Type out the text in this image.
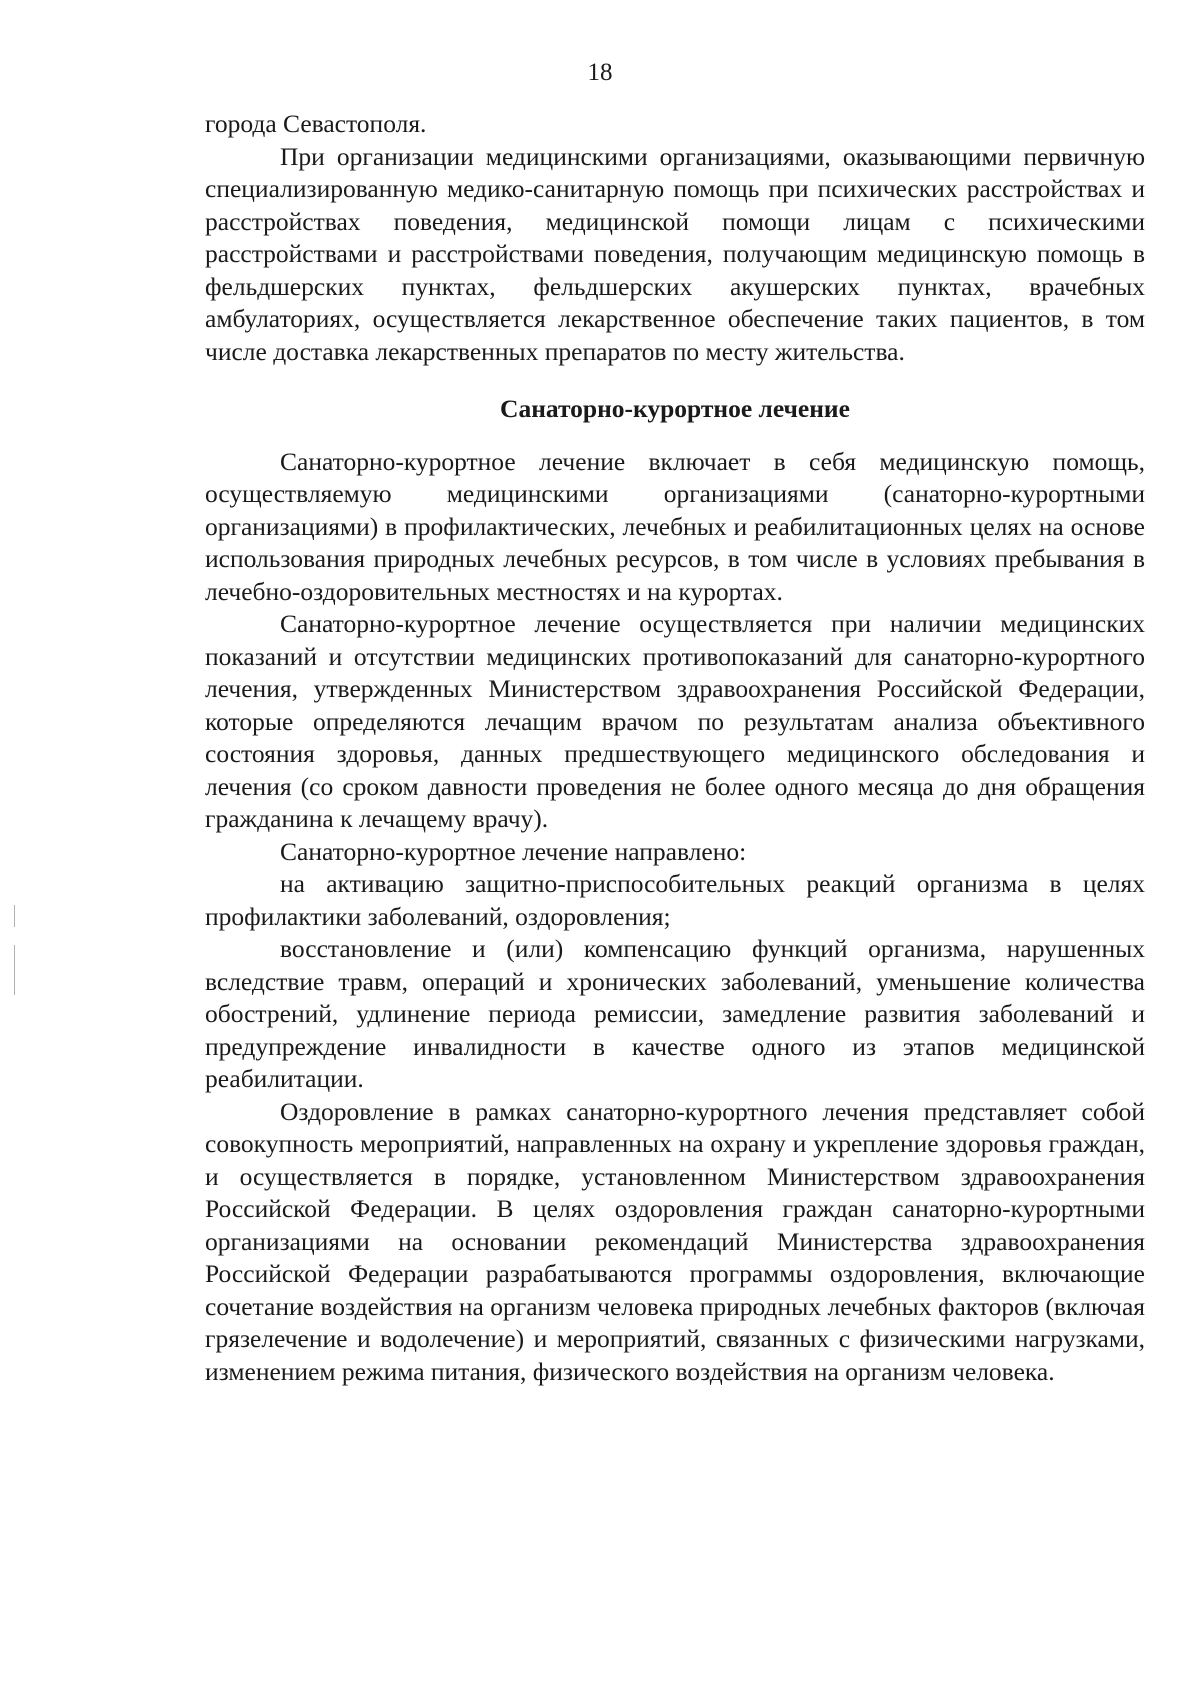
18

города Севастополя.

При организации медицинскими организациями, оказывающими первичную специализированную медико-санитарную помощь при психических расстройствах и расстройствах поведения, медицинской помощи лицам с психическими расстройствами и расстройствами поведения, получающим медицинскую помощь в фельдшерских пунктах, фельдшерских акушерских пунктах, врачебных амбулаториях, осуществляется лекарственное обеспечение таких пациентов, в том числе доставка лекарственных препаратов по месту жительства.

Санаторно-курортное лечение

Санаторно-курортное лечение включает в себя медицинскую помощь, осуществляемую медицинскими организациями (санаторно-курортными организациями) в профилактических, лечебных и реабилитационных целях на основе использования природных лечебных ресурсов, в том числе в условиях пребывания в лечебно-оздоровительных местностях и на курортах.

Санаторно-курортное лечение осуществляется при наличии медицинских показаний и отсутствии медицинских противопоказаний для санаторно-курортного лечения, утвержденных Министерством здравоохранения Российской Федерации, которые определяются лечащим врачом по результатам анализа объективного состояния здоровья, данных предшествующего медицинского обследования и лечения (со сроком давности проведения не более одного месяца до дня обращения гражданина к лечащему врачу).

Санаторно-курортное лечение направлено:

на активацию защитно-приспособительных реакций организма в целях профилактики заболеваний, оздоровления;

восстановление и (или) компенсацию функций организма, нарушенных вследствие травм, операций и хронических заболеваний, уменьшение количества обострений, удлинение периода ремиссии, замедление развития заболеваний и предупреждение инвалидности в качестве одного из этапов медицинской реабилитации.

Оздоровление в рамках санаторно-курортного лечения представляет собой совокупность мероприятий, направленных на охрану и укрепление здоровья граждан, и осуществляется в порядке, установленном Министерством здравоохранения Российской Федерации. В целях оздоровления граждан санаторно-курортными организациями на основании рекомендаций Министерства здравоохранения Российской Федерации разрабатываются программы оздоровления, включающие сочетание воздействия на организм человека природных лечебных факторов (включая грязелечение и водолечение) и мероприятий, связанных с физическими нагрузками, изменением режима питания, физического воздействия на организм человека.
